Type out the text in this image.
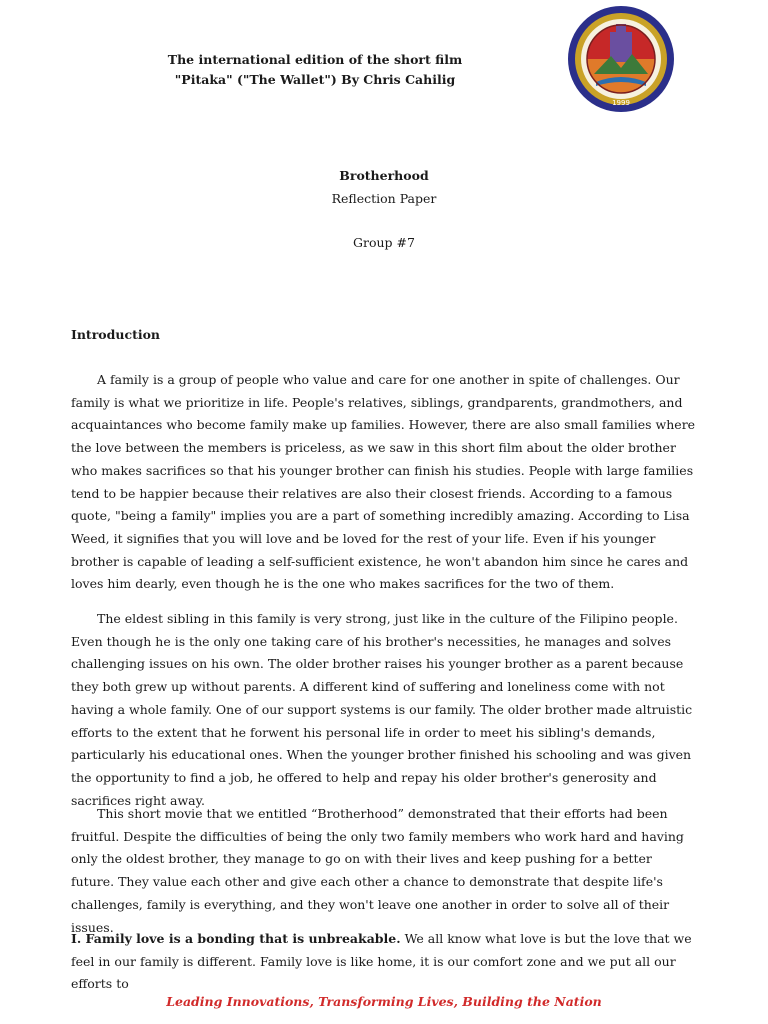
The international edition of the short film
"Pitaka" ("The Wallet") By Chris Cahilig
1999
Brotherhood
Reflection Paper
Group #7
Introduction

A family is a group of people who value and care for one another in spite of challenges. Our family is what we prioritize in life. People's relatives, siblings, grandparents, grandmothers, and acquaintances who become family make up families. However, there are also small families where the love between the members is priceless, as we saw in this short film about the older brother who makes sacrifices so that his younger brother can finish his studies. People with large families tend to be happier because their relatives are also their closest friends. According to a famous quote, "being a family" implies you are a part of something incredibly amazing. According to Lisa Weed, it signifies that you will love and be loved for the rest of your life. Even if his younger brother is capable of leading a self-sufficient existence, he won't abandon him since he cares and loves him dearly, even though he is the one who makes sacrifices for the two of them.

The eldest sibling in this family is very strong, just like in the culture of the Filipino people. Even though he is the only one taking care of his brother's necessities, he manages and solves challenging issues on his own. The older brother raises his younger brother as a parent because they both grew up without parents. A different kind of suffering and loneliness come with not having a whole family. One of our support systems is our family. The older brother made altruistic efforts to the extent that he forwent his personal life in order to meet his sibling's demands, particularly his educational ones. When the younger brother finished his schooling and was given the opportunity to find a job, he offered to help and repay his older brother's generosity and sacrifices right away.

This short movie that we entitled “Brotherhood” demonstrated that their efforts had been fruitful. Despite the difficulties of being the only two family members who work hard and having only the oldest brother, they manage to go on with their lives and keep pushing for a better future. They value each other and give each other a chance to demonstrate that despite life's challenges, family is everything, and they won't leave one another in order to solve all of their issues.

I. Family love is a bonding that is unbreakable. We all know what love is but the love that we feel in our family is different. Family love is like home, it is our comfort zone and we put all our efforts to

Leading Innovations, Transforming Lives, Building the Nation
